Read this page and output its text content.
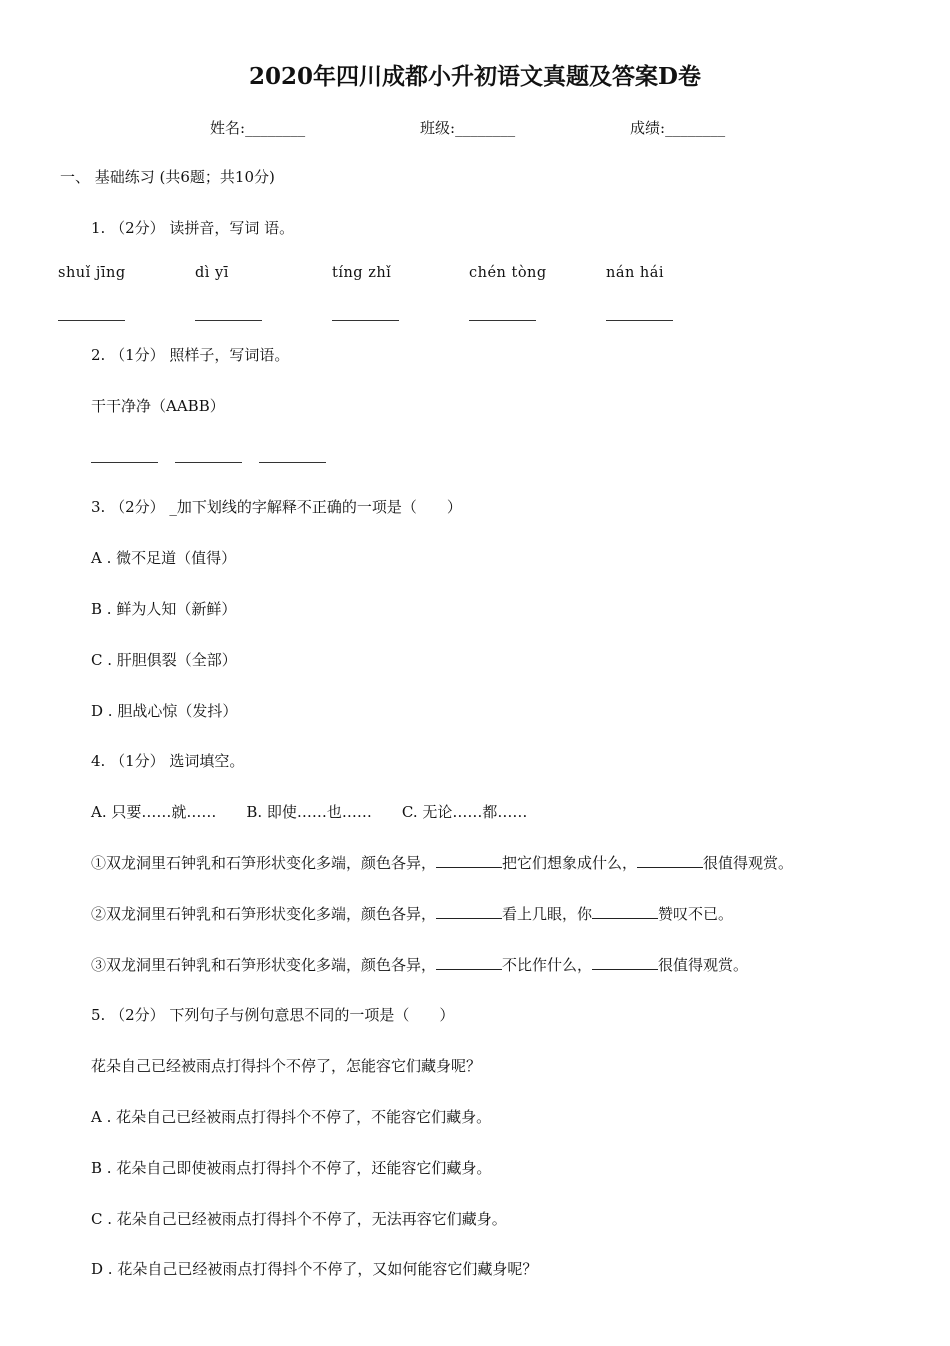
2020年四川成都小升初语文真题及答案D卷
姓名:________	班级:________	成绩:________
一、 基础练习 (共6题；共10分)
1. （2分） 读拼音，写词 语。
shuǐ jīng	dì yī	tíng zhǐ	chén tòng	nán hái
2. （1分） 照样子，写词语。
干干净净（AABB）
3. （2分） _加下划线的字解释不正确的一项是（　　）
A . 微不足道（值得）
B . 鲜为人知（新鲜）
C . 肝胆俱裂（全部）
D . 胆战心惊（发抖）
4. （1分） 选词填空。
A. 只要……就……　　B. 即使……也……　　C. 无论……都……
①双龙洞里石钟乳和石笋形状变化多端，颜色各异，	把它们想象成什么，	很值得观赏。
②双龙洞里石钟乳和石笋形状变化多端，颜色各异，	看上几眼，你	赞叹不已。
③双龙洞里石钟乳和石笋形状变化多端，颜色各异，	不比作什么，	很值得观赏。
5. （2分） 下列句子与例句意思不同的一项是（　　）
花朵自己已经被雨点打得抖个不停了，怎能容它们藏身呢？
A . 花朵自己已经被雨点打得抖个不停了，不能容它们藏身。
B . 花朵自己即使被雨点打得抖个不停了，还能容它们藏身。
C . 花朵自己已经被雨点打得抖个不停了，无法再容它们藏身。
D . 花朵自己已经被雨点打得抖个不停了，又如何能容它们藏身呢？
